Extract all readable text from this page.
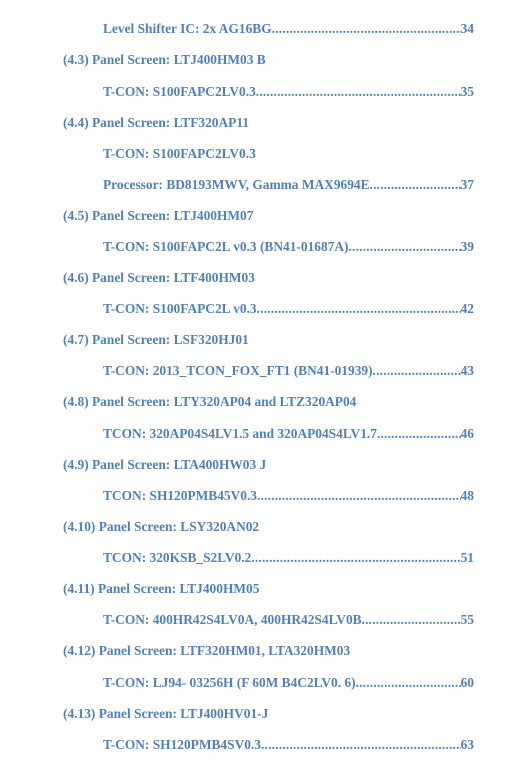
Level Shifter IC: 2x AG16BG .....	34
(4.3) Panel Screen: LTJ400HM03 B
T-CON: S100FAPC2LV0.3 .....	35
(4.4) Panel Screen: LTF320AP11
T-CON: S100FAPC2LV0.3
Processor: BD8193MWV, Gamma MAX9694E .....	37
(4.5) Panel Screen: LTJ400HM07
T-CON: S100FAPC2L v0.3 (BN41-01687A) .....	39
(4.6) Panel Screen: LTF400HM03
T-CON: S100FAPC2L v0.3 .....	42
(4.7) Panel Screen: LSF320HJ01
T-CON: 2013_TCON_FOX_FT1 (BN41-01939) .....	43
(4.8) Panel Screen: LTY320AP04 and LTZ320AP04
TCON: 320AP04S4LV1.5 and 320AP04S4LV1.7 .....	46
(4.9) Panel Screen: LTA400HW03 J
TCON: SH120PMB45V0.3 .....	48
(4.10) Panel Screen: LSY320AN02
TCON: 320KSB_S2LV0.2 .....	51
(4.11) Panel Screen: LTJ400HM05
T-CON: 400HR42S4LV0A, 400HR42S4LV0B .....	55
(4.12) Panel Screen: LTF320HM01, LTA320HM03
T-CON: LJ94- 03256H (F 60M B4C2LV0. 6) .....	60
(4.13) Panel Screen: LTJ400HV01-J
T-CON: SH120PMB4SV0.3 .....	63
